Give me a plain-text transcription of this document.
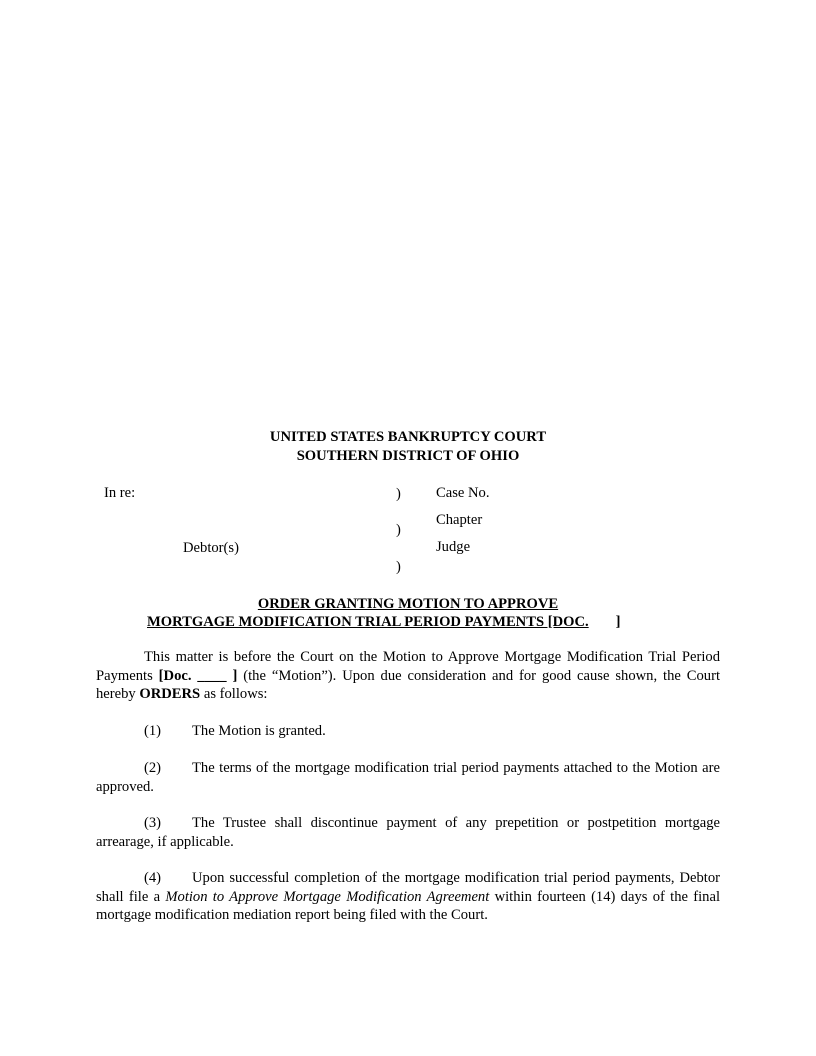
UNITED STATES BANKRUPTCY COURT
SOUTHERN DISTRICT OF OHIO
In re:
Debtor(s)
)
)
)
Case No.
Chapter
Judge
ORDER GRANTING MOTION TO APPROVE
MORTGAGE MODIFICATION TRIAL PERIOD PAYMENTS [DOC. ]
This matter is before the Court on the Motion to Approve Mortgage Modification Trial Period Payments [Doc. ____ ] (the “Motion”). Upon due consideration and for good cause shown, the Court hereby ORDERS as follows:
(1) The Motion is granted.
(2) The terms of the mortgage modification trial period payments attached to the Motion are approved.
(3) The Trustee shall discontinue payment of any prepetition or postpetition mortgage arrearage, if applicable.
(4) Upon successful completion of the mortgage modification trial period payments, Debtor shall file a Motion to Approve Mortgage Modification Agreement within fourteen (14) days of the final mortgage modification mediation report being filed with the Court.
